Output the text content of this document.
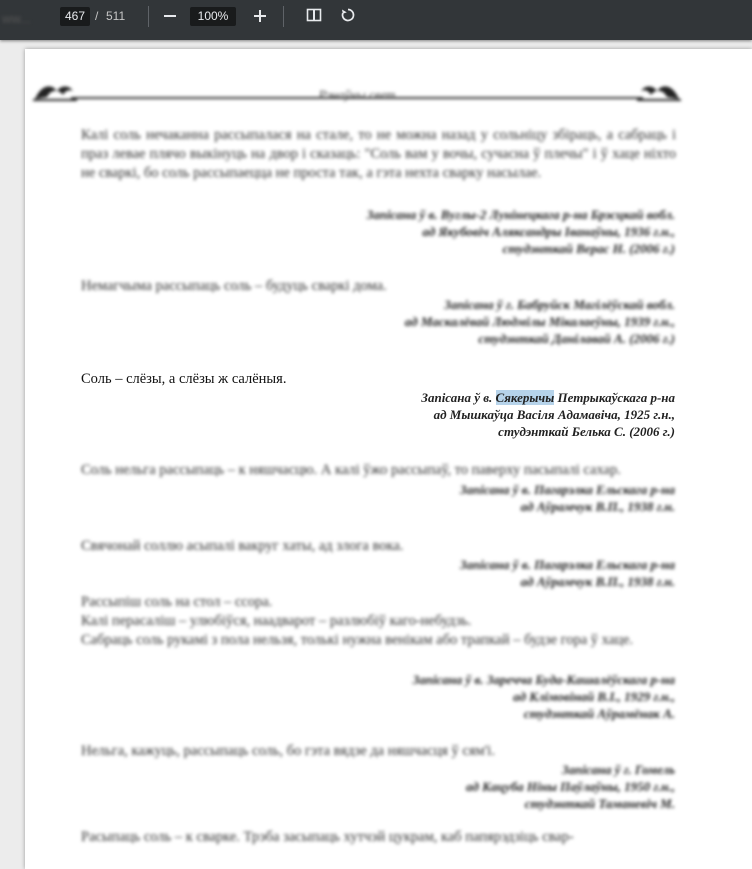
ww...	467 / 511	100%
Рэчаўны свет
Калі соль нечаканна рассыпалася на стале, то не можна назад у сольніцу збіраць, а сабраць і праз левае плячо выкінуць на двор і сказаць: "Соль вам у вочы, сучасна ў плечы" і ў хаце ніхто не сваркі, бо соль рассыпаецца не проста так, а гэта нехта сварку насылае.
Запісана ў в. Вуглы-2 Лунінецкага р-на Брэсцкай вобл.
ад Якубовіч Аляксандры Іванаўны, 1936 г.н.,
студэнткай Верас Н. (2006 г.)
Немагчыма рассыпаць соль – будуць сваркі дома.
Запісана ў г. Бабруйск Магілёўскай вобл.
ад Маскалёвай Людмілы Мікалаеўны, 1939 г.н.,
студэнткай Данілавай А. (2006 г.)
Соль – слёзы, а слёзы ж салёныя.
Запісана ў в. Сякерычы Петрыкаўскага р-на
ад Мышкаўца Васіля Адамавіча, 1925 г.н.,
студэнткай Белька С. (2006 г.)
Соль нельга рассыпаць – к няшчасцю. А калі ўжо рассыпаў, то паверху пасыпалі сахар.
Запісана ў в. Пагарэлка Ельскага р-на
ад Аўрамчук В.П., 1938 г.н.
Свячонай соллю асыпалі вакруг хаты, ад злога вока.
Запісана ў в. Пагарэлка Ельскага р-на
ад Аўрамчук В.П., 1938 г.н.
Рассыпіш соль на стол – ссора.
Калі перасаліш – улюбіўся, наадварот – разлюбіў каго-небудзь.
Сабраць соль рукамі з пола нельзя, толькі нужна венікам або трапкай – будзе гора ў хаце.
Запісана ў в. Заречча Буда-Кашалёўскага р-на
ад Клімовінай В.І., 1929 г.н.,
студэнткай Аўрамёнак А.
Нельга, кажуць, рассыпаць соль, бо гэта вядзе да няшчасця ў сям'і.
Запісана ў г. Гомель
ад Кацуба Ніны Паўлаўны, 1950 г.н.,
студэнткай Таманевіч М.
Расыпаць соль – к сварке. Трэба засыпаць хутчэй цукрам, каб папярэдзіць свар-
